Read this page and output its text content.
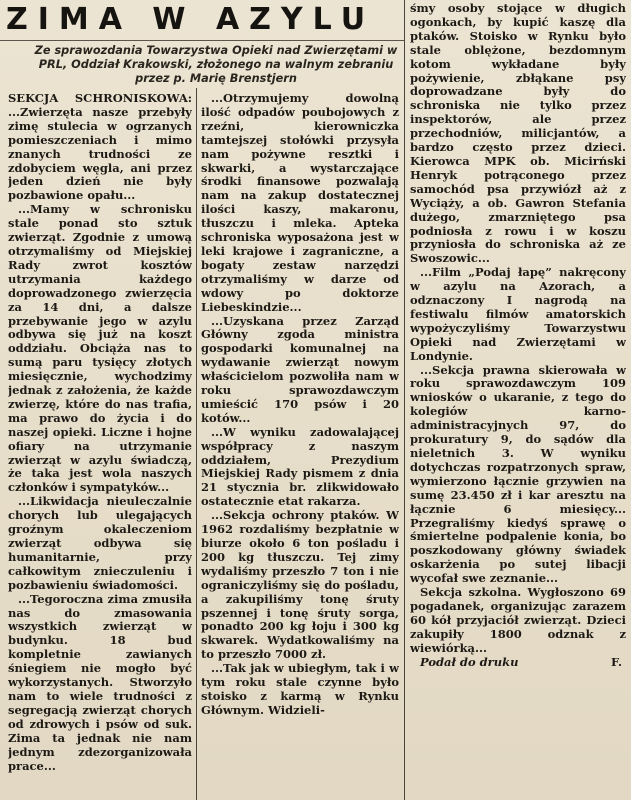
ZIMA W AZYLU
Ze sprawozdania Towarzystwa Opieki nad Zwierzętami w PRL, Oddział Krakowski, złożonego na walnym zebraniu przez p. Marię Brenstjern

SEKCJA SCHRONISKOWA: ...Zwierzęta nasze przebyły zimę stulecia w ogrzanych pomieszczeniach i mimo znanych trudności ze zdobyciem węgla, ani przez jeden dzień nie były pozbawione opału...

...Mamy w schronisku stale ponad sto sztuk zwierząt. Zgodnie z umową otrzymaliśmy od Miejskiej Rady zwrot kosztów utrzymania każdego doprowadzonego zwierzęcia za 14 dni, a dalsze przebywanie jego w azylu odbywa się już na koszt oddziału. Obciąża nas to sumą paru tysięcy złotych miesięcznie, wychodzimy jednak z założenia, że każde zwierzę, które do nas trafia, ma prawo do życia i do naszej opieki. Liczne i hojne ofiary na utrzymanie zwierząt w azylu świadczą, że taka jest wola naszych członków i sympatyków...

...Likwidacja nieuleczalnie chorych lub ulegających groźnym okaleczeniom zwierząt odbywa się humanitarnie, przy całkowitym znieczuleniu i pozbawieniu świadomości.

...Tegoroczna zima zmusiła nas do zmasowania wszystkich zwierząt w budynku. 18 bud kompletnie zawianych śniegiem nie mogło być wykorzystanych. Stworzyło nam to wiele trudności z segregacją zwierząt chorych od zdrowych i psów od suk. Zima ta jednak nie nam jednym zdezorganizowała prace...

...Otrzymujemy dowolną ilość odpadów poubojowych z rzeźni, kierowniczka tamtejszej stołówki przysyła nam pożywne resztki i skwarki, a wystarczające środki finansowe pozwalają nam na zakup dostatecznej ilości kaszy, makaronu, tłuszczu i mleka. Apteka schroniska wyposażona jest w leki krajowe i zagraniczne, a bogaty zestaw narzędzi otrzymaliśmy w darze od wdowy po doktorze Liebeskindzie...

...Uzyskana przez Zarząd Główny zgoda ministra gospodarki komunalnej na wydawanie zwierząt nowym właścicielom pozwoliła nam w roku sprawozdawczym umieścić 170 psów i 20 kotów...

...W wyniku zadowalającej współpracy z naszym oddziałem, Prezydium Miejskiej Rady pismem z dnia 21 stycznia br. zlikwidowało ostatecznie etat rakarza.

...Sekcja ochrony ptaków. W 1962 rozdaliśmy bezpłatnie w biurze około 6 ton pośladu i 200 kg tłuszczu. Tej zimy wydaliśmy przeszło 7 ton i nie ograniczyliśmy się do pośladu, a zakupiliśmy tonę śruty pszennej i tonę śruty sorga, ponadto 200 kg łoju i 300 kg skwarek. Wydatkowaliśmy na to przeszło 7000 zł.

...Tak jak w ubiegłym, tak i w tym roku stale czynne było stoisko z karmą w Rynku Głównym. Widzieli-

śmy osoby stojące w długich ogonkach, by kupić kaszę dla ptaków. Stoisko w Rynku było stale oblężone, bezdomnym kotom wykładane były pożywienie, zbłąkane psy doprowadzane były do schroniska nie tylko przez inspektorów, ale przez przechodniów, milicjantów, a bardzo często przez dzieci. Kierowca MPK ob. Micirński Henryk potrąconego przez samochód psa przywiózł aż z Wyciąży, a ob. Gawron Stefania dużego, zmarzniętego psa podniosła z rowu i w koszu przyniosła do schroniska aż ze Swoszowic...

...Film „Podaj łapę” nakręcony w azylu na Azorach, a odznaczony I nagrodą na festiwalu filmów amatorskich wypożyczyliśmy Towarzystwu Opieki nad Zwierzętami w Londynie.

...Sekcja prawna skierowała w roku sprawozdawczym 109 wniosków o ukaranie, z tego do kolegiów karno-administracyjnych 97, do prokuratury 9, do sądów dla nieletnich 3. W wyniku dotychczas rozpatrzonych spraw, wymierzono łącznie grzywien na sumę 23.450 zł i kar aresztu na łącznie 6 miesięcy... Przegraliśmy kiedyś sprawę o śmiertelne podpalenie konia, bo poszkodowany główny świadek oskarżenia po sutej libacji wycofał swe zeznanie...

Sekcja szkolna. Wygłoszono 69 pogadanek, organizując zarazem 60 kół przyjaciół zwierząt. Dzieci zakupiły 1800 odznak z wiewiórką...

Podał do druku	F.
